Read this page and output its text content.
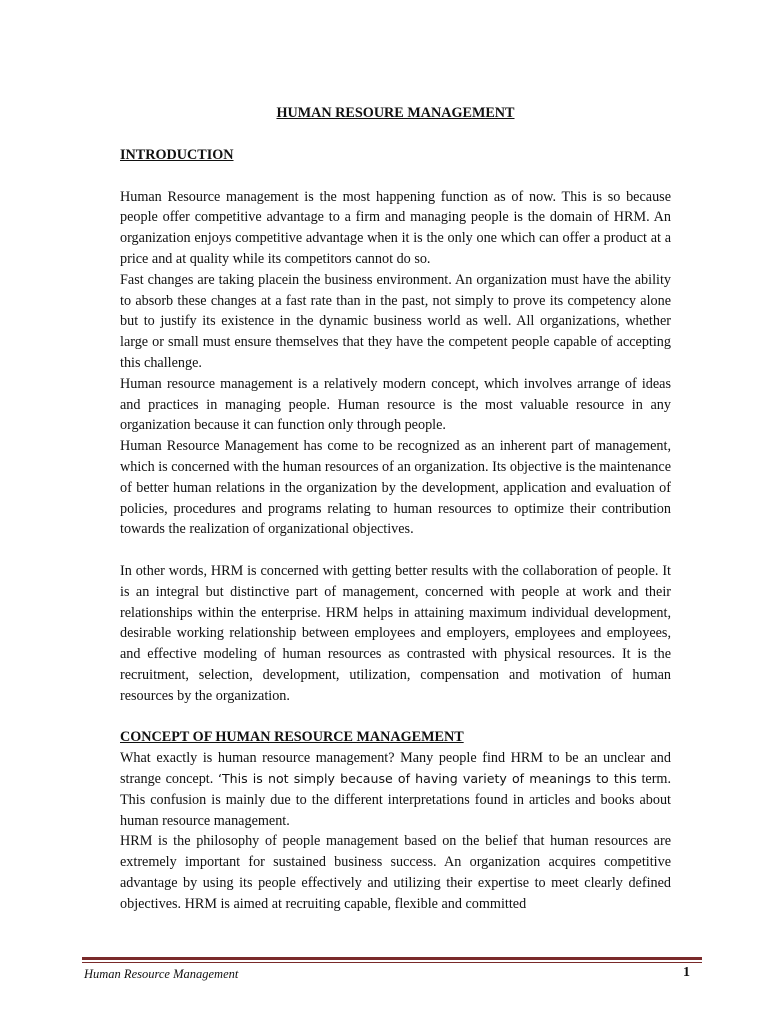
HUMAN RESOURE MANAGEMENT
INTRODUCTION

Human Resource management is the most happening function as of now. This is so because people offer competitive advantage to a firm and managing people is the domain of HRM. An organization enjoys competitive advantage when it is the only one which can offer a product at a price and at quality while its competitors cannot do so.

Fast changes are taking placein the business environment. An organization must have the ability to absorb these changes at a fast rate than in the past, not simply to prove its competency alone but to justify its existence in the dynamic business world as well. All organizations, whether large or small must ensure themselves that they have the competent people capable of accepting this challenge.

Human resource management is a relatively modern concept, which involves arrange of ideas and practices in managing people. Human resource is the most valuable resource in any organization because it can function only through people.

Human Resource Management has come to be recognized as an inherent part of management, which is concerned with the human resources of an organization. Its objective is the maintenance of better human relations in the organization by the development, application and evaluation of policies, procedures and programs relating to human resources to optimize their contribution towards the realization of organizational objectives.

In other words, HRM is concerned with getting better results with the collaboration of people. It is an integral but distinctive part of management, concerned with people at work and their relationships within the enterprise. HRM helps in attaining maximum individual development, desirable working relationship between employees and employers, employees and employees, and effective modeling of human resources as contrasted with physical resources. It is the recruitment, selection, development, utilization, compensation and motivation of human resources by the organization.

CONCEPT OF HUMAN RESOURCE MANAGEMENT

What exactly is human resource management? Many people find HRM to be an unclear and strange concept. ‘This is not simply because of having variety of meanings to this term. This confusion is mainly due to the different interpretations found in articles and books about human resource management.

HRM is the philosophy of people management based on the belief that human resources are extremely important for sustained business success. An organization acquires competitive advantage by using its people effectively and utilizing their expertise to meet clearly defined objectives. HRM is aimed at recruiting capable, flexible and committed

Human Resource Management	1
